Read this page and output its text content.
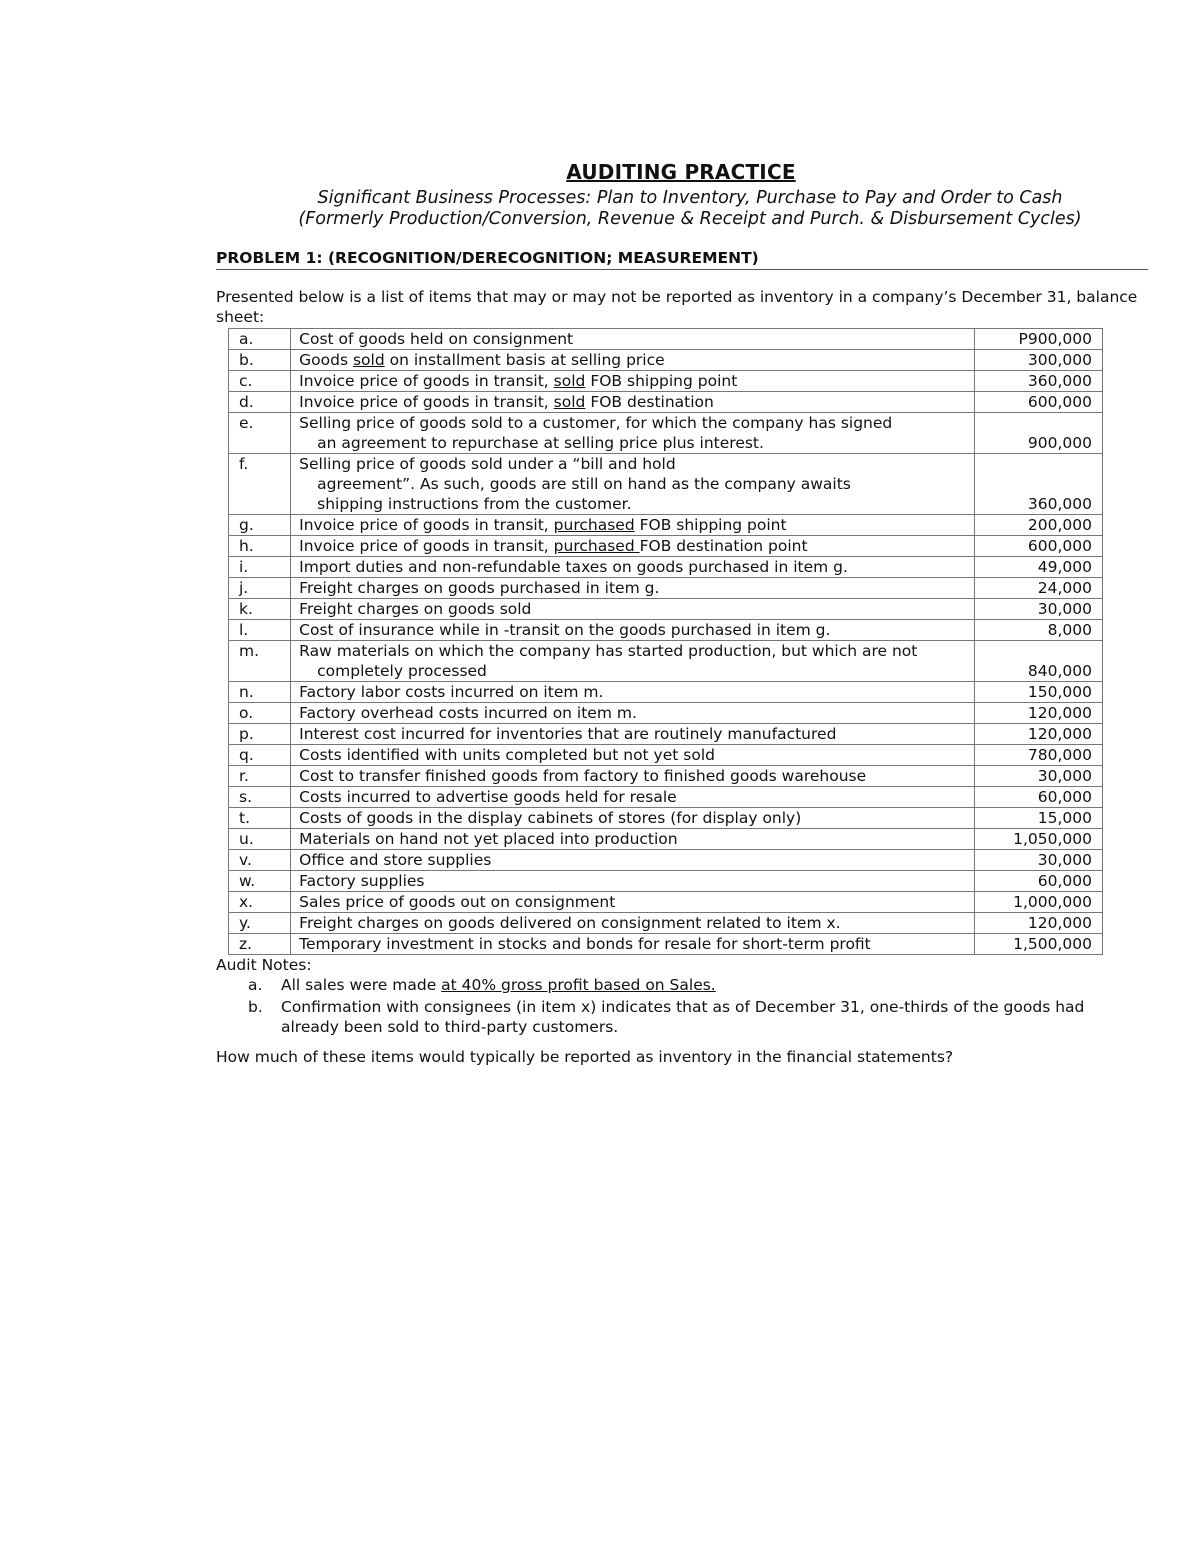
AUDITING PRACTICE
Significant Business Processes: Plan to Inventory, Purchase to Pay and Order to Cash
(Formerly Production/Conversion, Revenue & Receipt and Purch. & Disbursement Cycles)
PROBLEM 1: (RECOGNITION/DERECOGNITION; MEASUREMENT)
Presented below is a list of items that may or may not be reported as inventory in a company’s December 31, balance sheet:
a.	Cost of goods held on consignment	P900,000
b.	Goods sold on installment basis at selling price	300,000
c.	Invoice price of goods in transit, sold FOB shipping point	360,000
d.	Invoice price of goods in transit, sold FOB destination	600,000
e.	Selling price of goods sold to a customer, for which the company has signed
an agreement to repurchase at selling price plus interest.	900,000
f.	Selling price of goods sold under a “bill and hold
agreement”. As such, goods are still on hand as the company awaits
shipping instructions from the customer.	360,000
g.	Invoice price of goods in transit, purchased FOB shipping point	200,000
h.	Invoice price of goods in transit, purchased FOB destination point	600,000
i.	Import duties and non-refundable taxes on goods purchased in item g.	49,000
j.	Freight charges on goods purchased in item g.	24,000
k.	Freight charges on goods sold	30,000
l.	Cost of insurance while in -transit on the goods purchased in item g.	8,000
m.	Raw materials on which the company has started production, but which are not
completely processed	840,000
n.	Factory labor costs incurred on item m.	150,000
o.	Factory overhead costs incurred on item m.	120,000
p.	Interest cost incurred for inventories that are routinely manufactured	120,000
q.	Costs identified with units completed but not yet sold	780,000
r.	Cost to transfer finished goods from factory to finished goods warehouse	30,000
s.	Costs incurred to advertise goods held for resale	60,000
t.	Costs of goods in the display cabinets of stores (for display only)	15,000
u.	Materials on hand not yet placed into production	1,050,000
v.	Office and store supplies	30,000
w.	Factory supplies	60,000
x.	Sales price of goods out on consignment	1,000,000
y.	Freight charges on goods delivered on consignment related to item x.	120,000
z.	Temporary investment in stocks and bonds for resale for short-term profit	1,500,000
Audit Notes:
a. All sales were made at 40% gross profit based on Sales.
b. Confirmation with consignees (in item x) indicates that as of December 31, one-thirds of the goods had
already been sold to third-party customers.
How much of these items would typically be reported as inventory in the financial statements?
